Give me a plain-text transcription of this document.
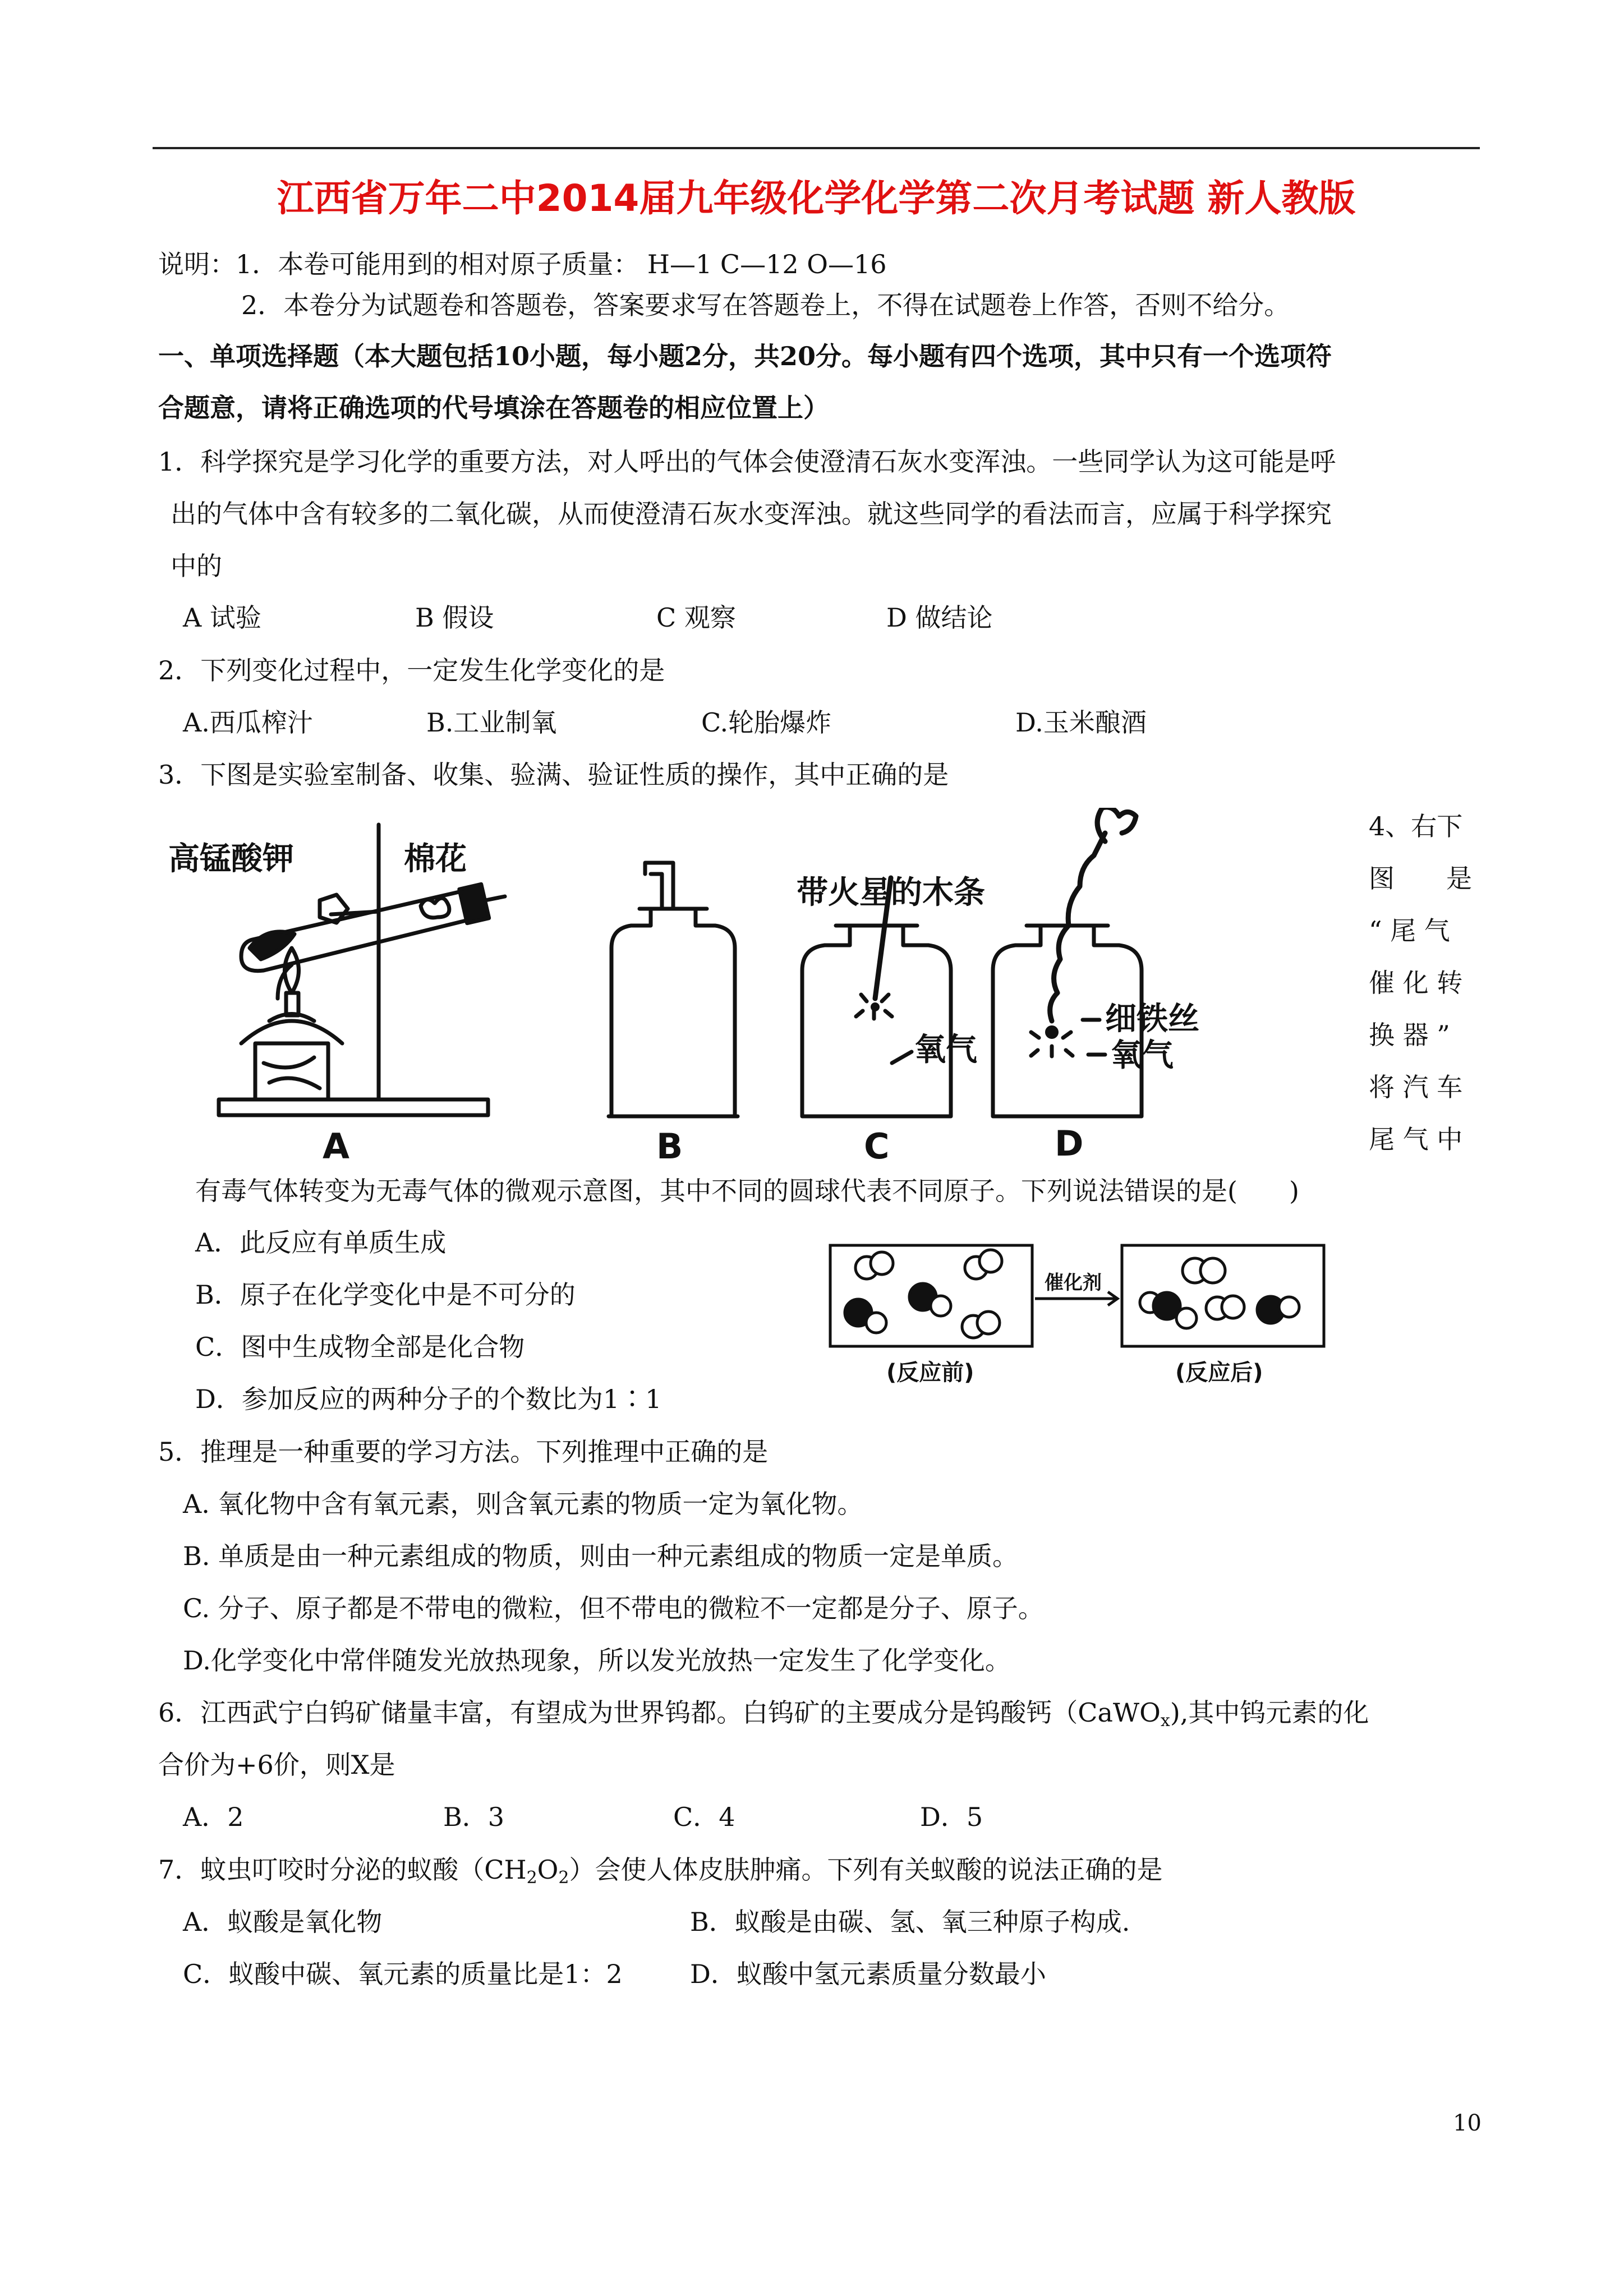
江西省万年二中2014届九年级化学化学第二次月考试题 新人教版
说明：1．本卷可能用到的相对原子质量： H—1 C—12 O—16
2．本卷分为试题卷和答题卷，答案要求写在答题卷上，不得在试题卷上作答，否则不给分。
一、单项选择题（本大题包括10小题，每小题2分，共20分。每小题有四个选项，其中只有一个选项符
合题意，请将正确选项的代号填涂在答题卷的相应位置上）
1．科学探究是学习化学的重要方法，对人呼出的气体会使澄清石灰水变浑浊。一些同学认为这可能是呼
出的气体中含有较多的二氧化碳，从而使澄清石灰水变浑浊。就这些同学的看法而言，应属于科学探究
中的
A 试验	B 假设	C 观察	D 做结论
2．下列变化过程中，一定发生化学变化的是
A.西瓜榨汁	B.工业制氧	C.轮胎爆炸	D.玉米酿酒
3．下图是实验室制备、收集、验满、验证性质的操作，其中正确的是
高锰酸钾	棉花
带火星的木条
氧气
细铁丝
氧气
A	B	C	D
4、右下
图　　是
“ 尾 气
催 化 转
换 器 ”
将 汽 车
尾 气 中
有毒气体转变为无毒气体的微观示意图，其中不同的圆球代表不同原子。下列说法错误的是(　　)
A．此反应有单质生成
B．原子在化学变化中是不可分的
C．图中生成物全部是化合物
D．参加反应的两种分子的个数比为1∶1
催化剂
(反应前)	(反应后)
5．推理是一种重要的学习方法。下列推理中正确的是
A. 氧化物中含有氧元素，则含氧元素的物质一定为氧化物。
B. 单质是由一种元素组成的物质，则由一种元素组成的物质一定是单质。
C. 分子、原子都是不带电的微粒，但不带电的微粒不一定都是分子、原子。
D.化学变化中常伴随发光放热现象，所以发光放热一定发生了化学变化。
6．江西武宁白钨矿储量丰富，有望成为世界钨都。白钨矿的主要成分是钨酸钙（CaWO$_x$),其中钨元素的化
合价为+6价，则X是
A．2	B．3	C．4	D．5
7．蚊虫叮咬时分泌的蚁酸$(CH_2O_2)$会使人体皮肤肿痛。下列有关蚁酸的说法正确的是
A．蚁酸是氧化物	B．蚁酸是由碳、氢、氧三种原子构成.
C．蚁酸中碳、氧元素的质量比是1：2	D．蚁酸中氢元素质量分数最小
10
